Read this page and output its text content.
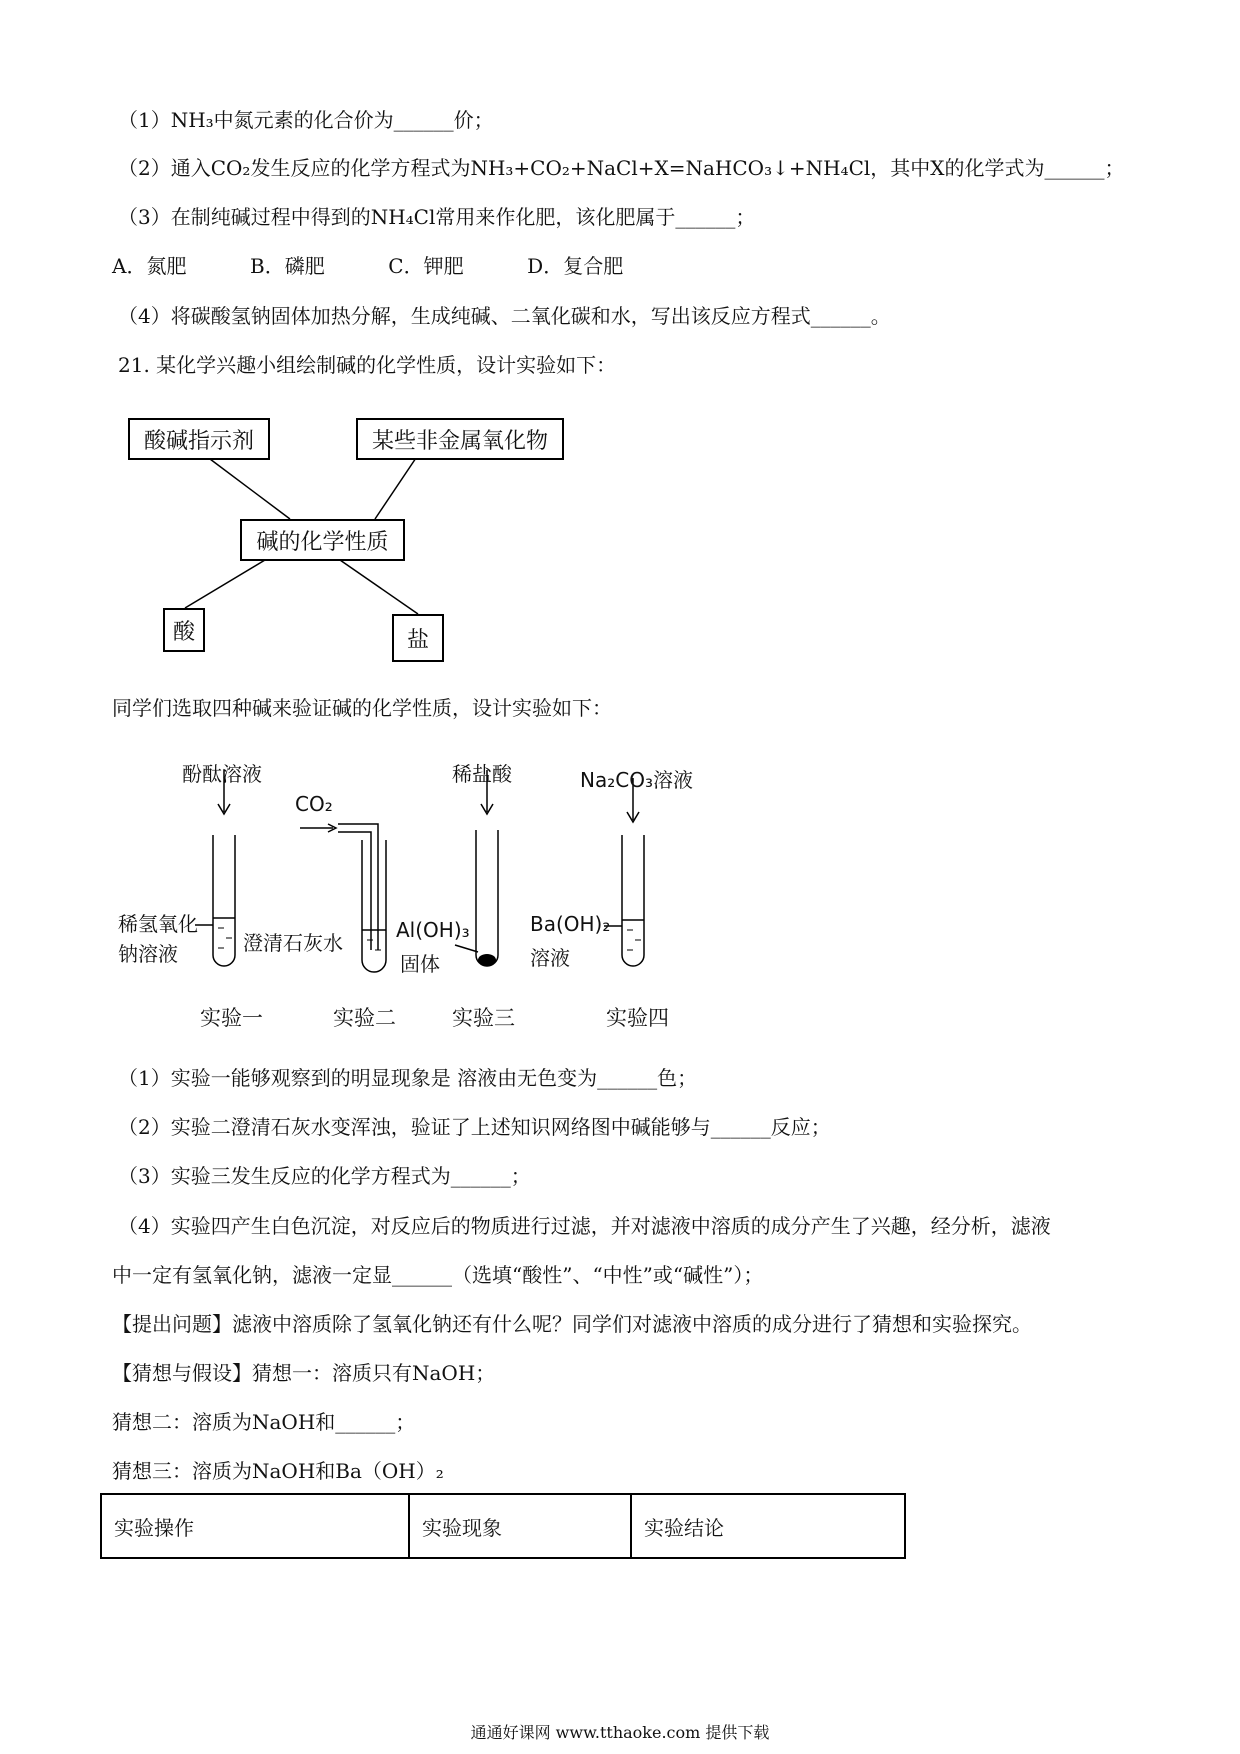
（1）NH₃中氮元素的化合价为______价；
（2）通入CO₂发生反应的化学方程式为NH₃+CO₂+NaCl+X=NaHCO₃↓+NH₄Cl，其中X的化学式为______；
（3）在制纯碱过程中得到的NH₄Cl常用来作化肥，该化肥属于______；
A．氮肥          B．磷肥          C．钾肥          D．复合肥
（4）将碳酸氢钠固体加热分解，生成纯碱、二氧化碳和水，写出该反应方程式______。
21. 某化学兴趣小组绘制碱的化学性质，设计实验如下：
酸碱指示剂	某些非金属氧化物
碱的化学性质
酸	盐
同学们选取四种碱来验证碱的化学性质，设计实验如下：
酚酞溶液
稀氢氧化
钠溶液
CO₂
澄清石灰水
稀盐酸
Al(OH)₃
固体
Na₂CO₃溶液
Ba(OH)₂
溶液
实验一	实验二	实验三	实验四
（1）实验一能够观察到的明显现象是 溶液由无色变为______色；
（2）实验二澄清石灰水变浑浊，验证了上述知识网络图中碱能够与______反应；
（3）实验三发生反应的化学方程式为______；
（4）实验四产生白色沉淀，对反应后的物质进行过滤，并对滤液中溶质的成分产生了兴趣，经分析，滤液
中一定有氢氧化钠，滤液一定显______（选填“酸性”、“中性”或“碱性”）；
【提出问题】滤液中溶质除了氢氧化钠还有什么呢？同学们对滤液中溶质的成分进行了猜想和实验探究。
【猜想与假设】猜想一：溶质只有NaOH；
猜想二：溶质为NaOH和______；
猜想三：溶质为NaOH和Ba（OH）₂
实验操作	实验现象	实验结论
通通好课网 www.tthaoke.com 提供下载
